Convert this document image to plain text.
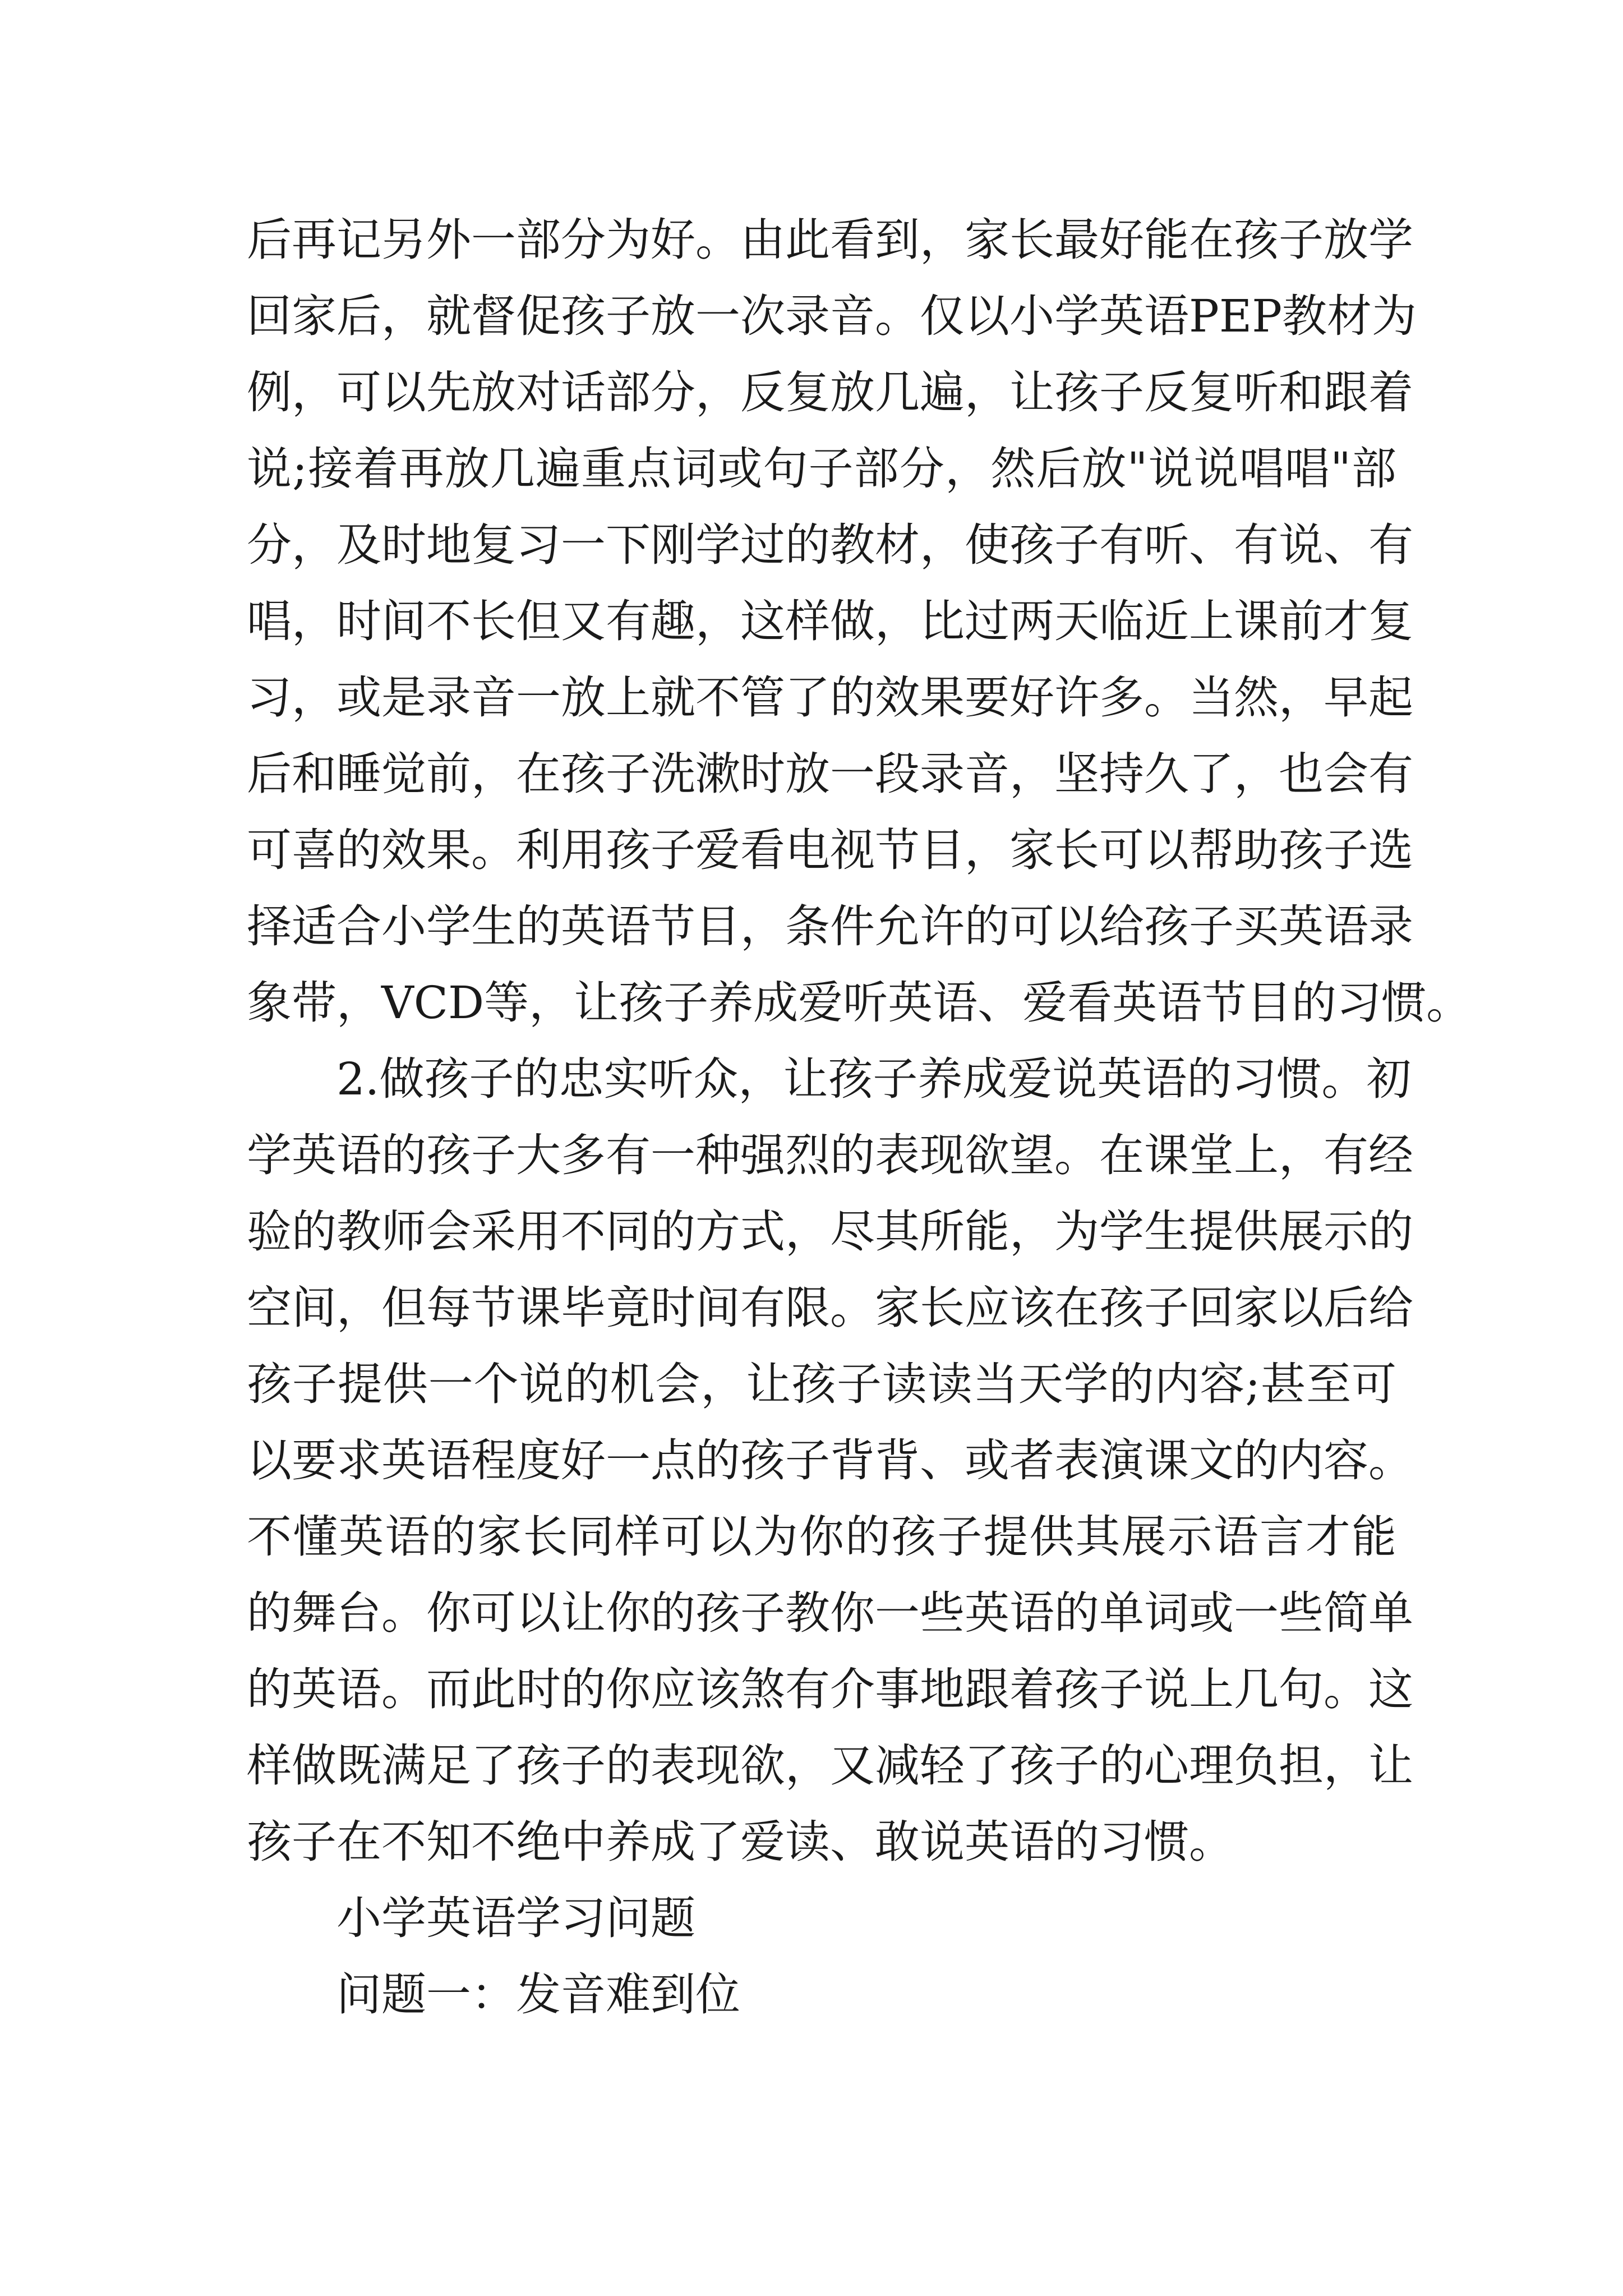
后再记另外一部分为好。由此看到，家长最好能在孩子放学
回家后，就督促孩子放一次录音。仅以小学英语PEP教材为
例，可以先放对话部分，反复放几遍，让孩子反复听和跟着
说;接着再放几遍重点词或句子部分，然后放"说说唱唱"部
分，及时地复习一下刚学过的教材，使孩子有听、有说、有
唱，时间不长但又有趣，这样做，比过两天临近上课前才复
习，或是录音一放上就不管了的效果要好许多。当然，早起
后和睡觉前，在孩子洗漱时放一段录音，坚持久了，也会有
可喜的效果。利用孩子爱看电视节目，家长可以帮助孩子选
择适合小学生的英语节目，条件允许的可以给孩子买英语录
象带，VCD等，让孩子养成爱听英语、爱看英语节目的习惯。
2.做孩子的忠实听众，让孩子养成爱说英语的习惯。初
学英语的孩子大多有一种强烈的表现欲望。在课堂上，有经
验的教师会采用不同的方式，尽其所能，为学生提供展示的
空间，但每节课毕竟时间有限。家长应该在孩子回家以后给
孩子提供一个说的机会，让孩子读读当天学的内容;甚至可
以要求英语程度好一点的孩子背背、或者表演课文的内容。
不懂英语的家长同样可以为你的孩子提供其展示语言才能
的舞台。你可以让你的孩子教你一些英语的单词或一些简单
的英语。而此时的你应该煞有介事地跟着孩子说上几句。这
样做既满足了孩子的表现欲，又减轻了孩子的心理负担，让
孩子在不知不绝中养成了爱读、敢说英语的习惯。
小学英语学习问题
问题一：发音难到位
